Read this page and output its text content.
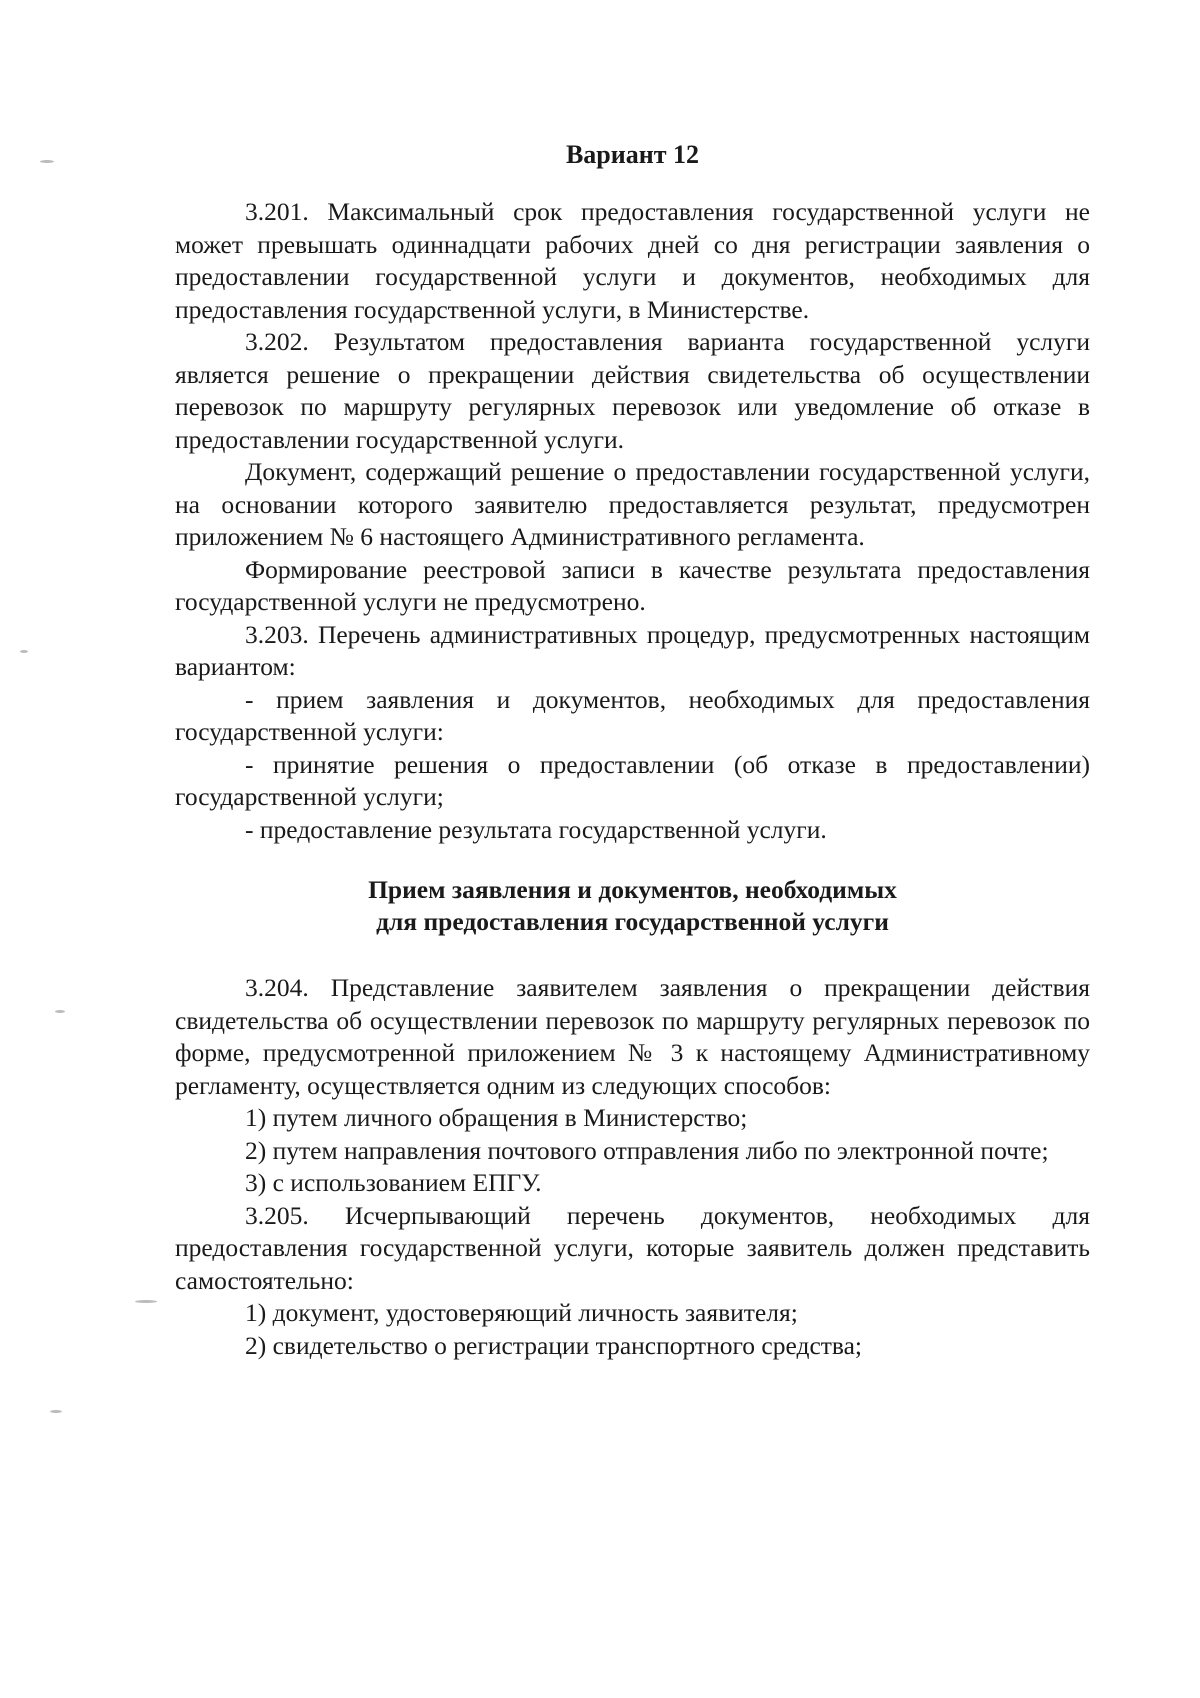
Вариант 12

3.201. Максимальный срок предоставления государственной услуги не может превышать одиннадцати рабочих дней со дня регистрации заявления о предоставлении государственной услуги и документов, необходимых для предоставления государственной услуги, в Министерстве.

3.202. Результатом предоставления варианта государственной услуги является решение о прекращении действия свидетельства об осуществлении перевозок по маршруту регулярных перевозок или уведомление об отказе в предоставлении государственной услуги.

Документ, содержащий решение о предоставлении государственной услуги, на основании которого заявителю предоставляется результат, предусмотрен приложением № 6 настоящего Административного регламента.

Формирование реестровой записи в качестве результата предоставления государственной услуги не предусмотрено.

3.203. Перечень административных процедур, предусмотренных настоящим вариантом:

- прием заявления и документов, необходимых для предоставления государственной услуги:

- принятие решения о предоставлении (об отказе в предоставлении) государственной услуги;

- предоставление результата государственной услуги.

Прием заявления и документов, необходимых
для предоставления государственной услуги

3.204. Представление заявителем заявления о прекращении действия свидетельства об осуществлении перевозок по маршруту регулярных перевозок по форме, предусмотренной приложением № 3 к настоящему Административному регламенту, осуществляется одним из следующих способов:

1) путем личного обращения в Министерство;

2) путем направления почтового отправления либо по электронной почте;

3) с использованием ЕПГУ.

3.205. Исчерпывающий перечень документов, необходимых для предоставления государственной услуги, которые заявитель должен представить самостоятельно:

1) документ, удостоверяющий личность заявителя;

2) свидетельство о регистрации транспортного средства;
